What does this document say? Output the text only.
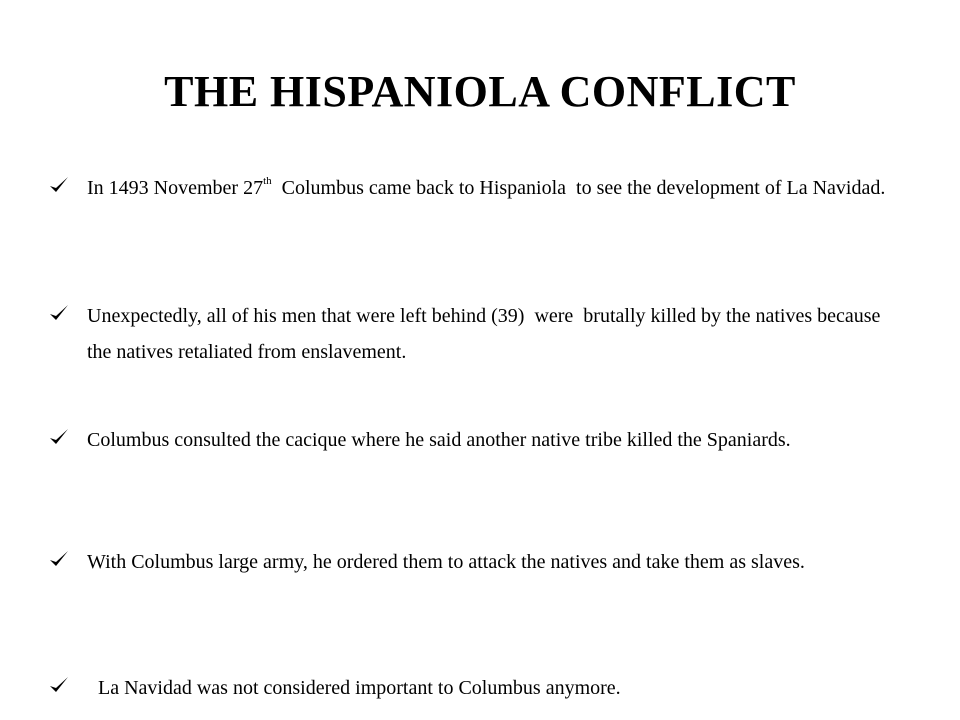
THE HISPANIOLA CONFLICT

In 1493 November 27th  Columbus came back to Hispaniola  to see the development of La Navidad.

Unexpectedly, all of his men that were left behind (39)  were  brutally killed by the natives because  the natives retaliated from enslavement.

Columbus consulted the cacique where he said another native tribe killed the Spaniards.

With Columbus large army, he ordered them to attack the natives and take them as slaves.

La Navidad was not considered important to Columbus anymore.
